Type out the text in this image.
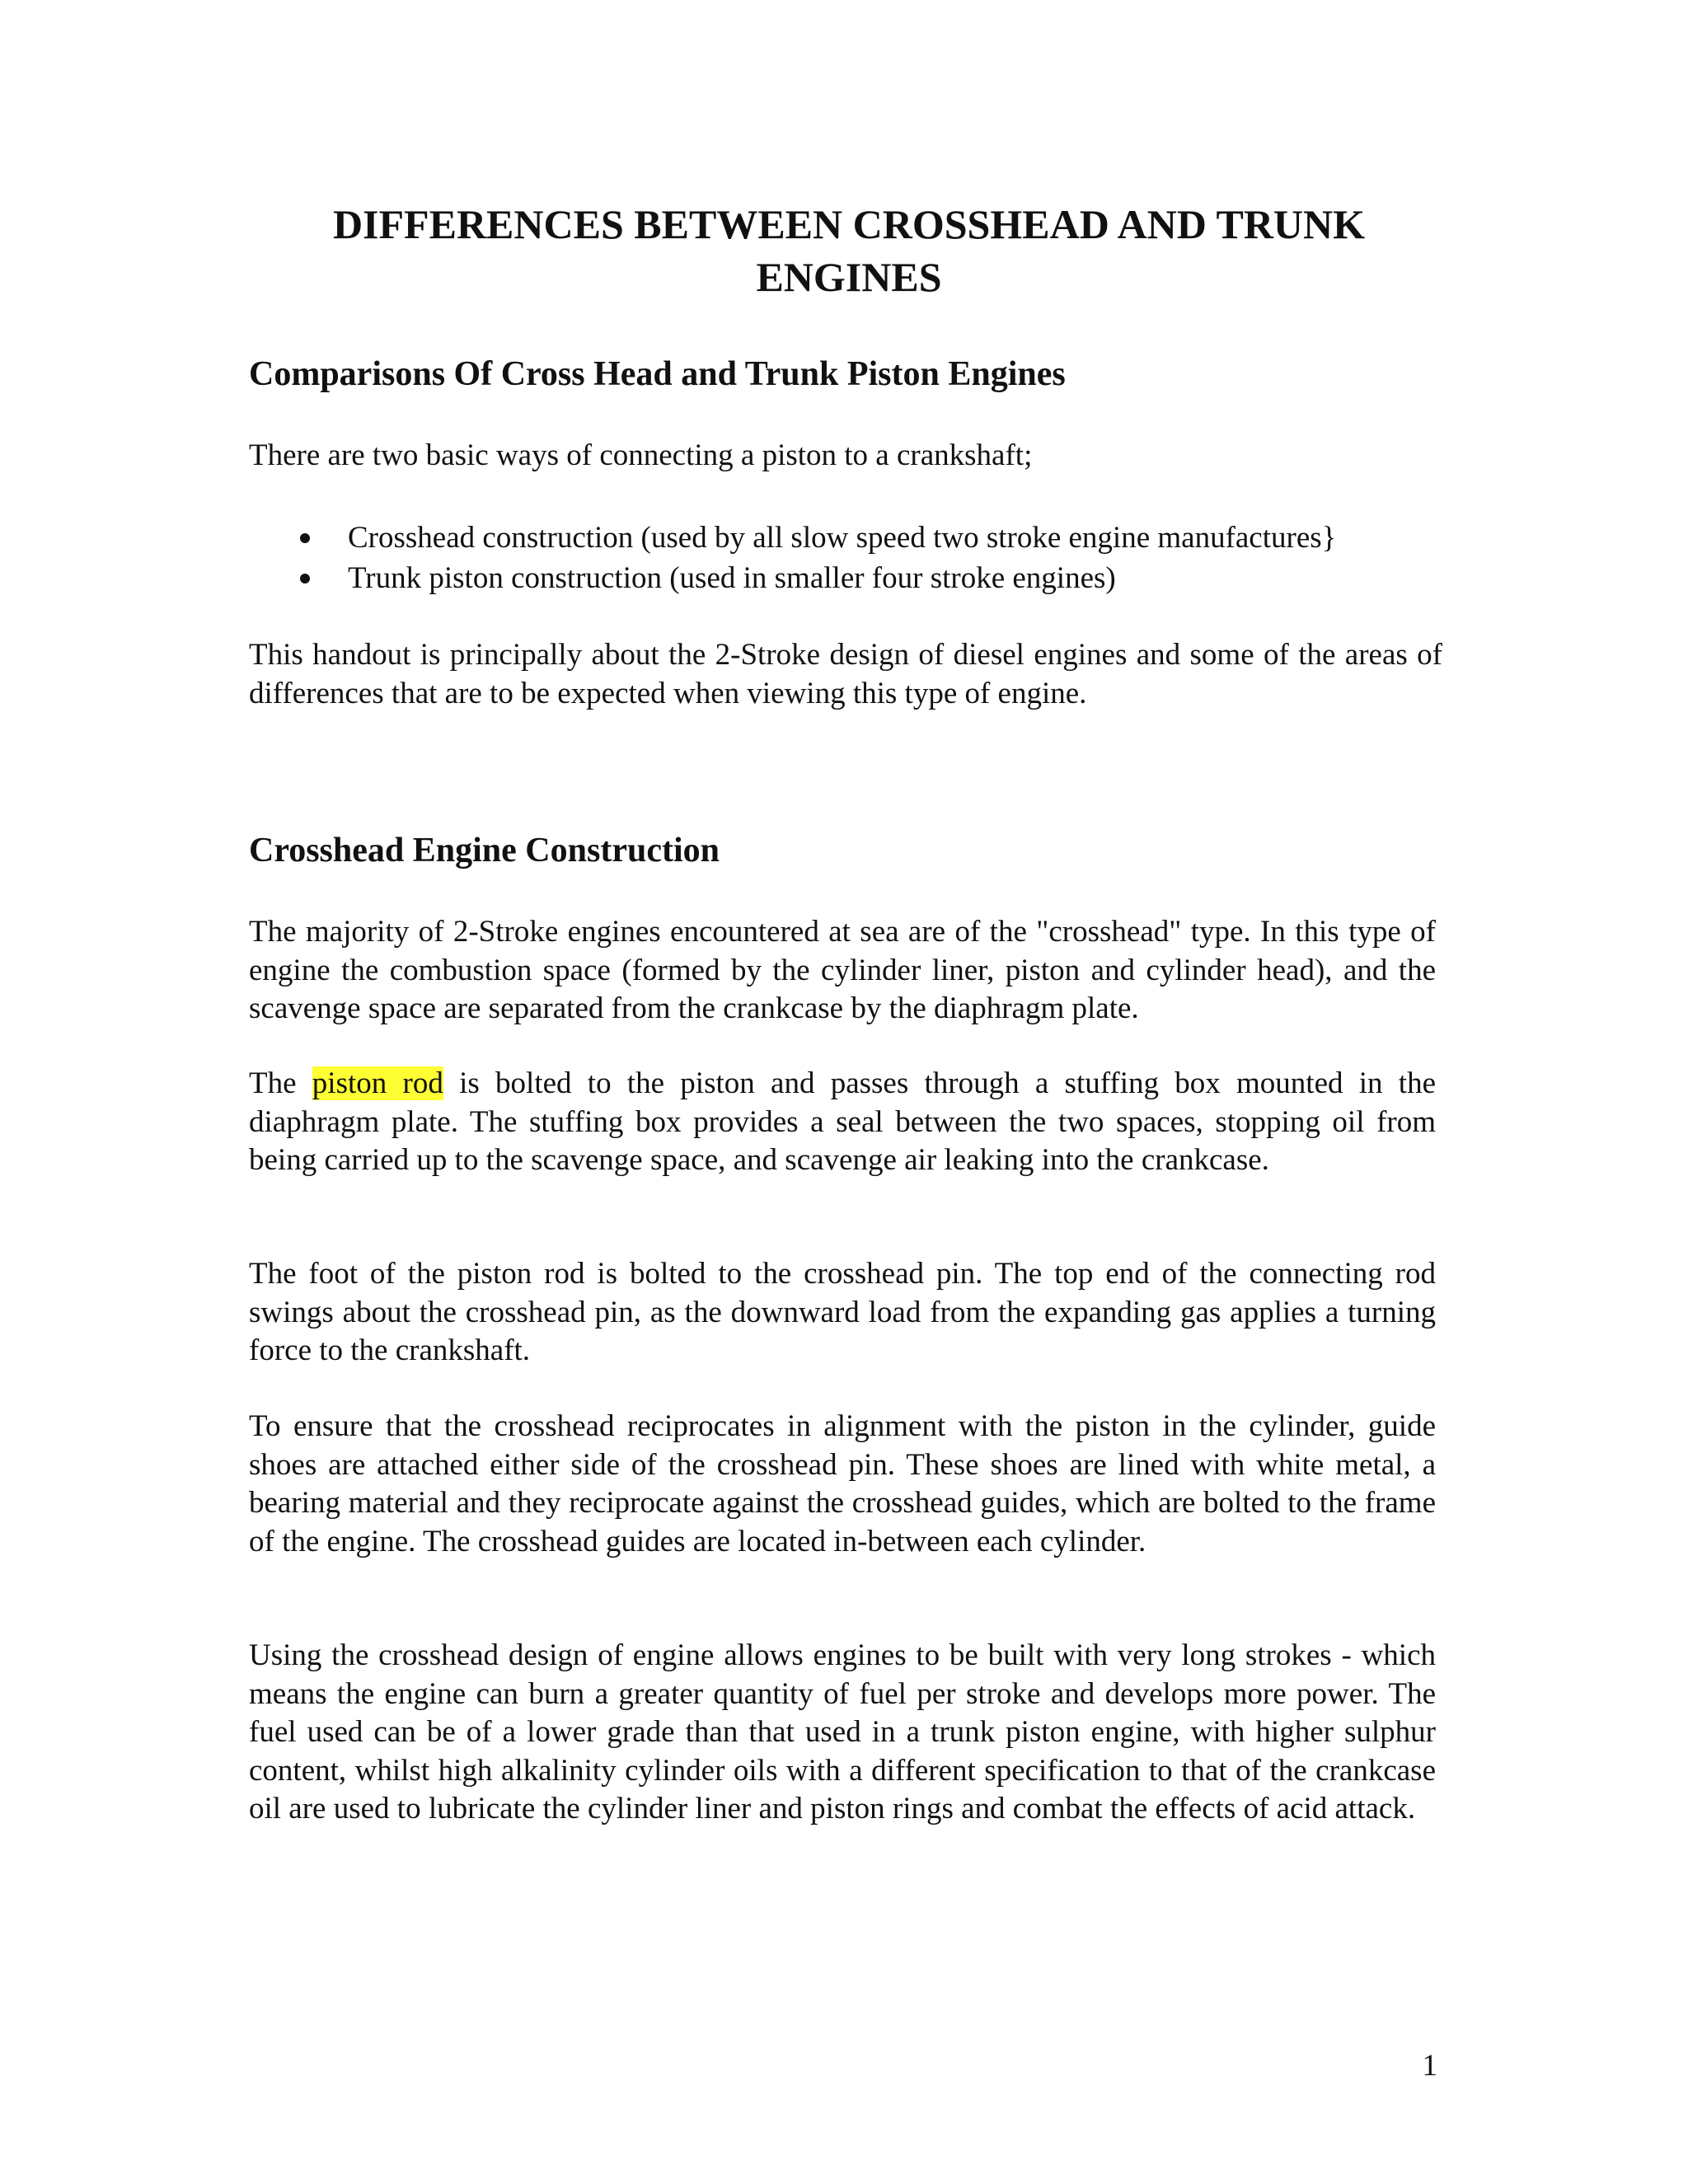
DIFFERENCES BETWEEN CROSSHEAD AND TRUNK ENGINES
Comparisons Of Cross Head and Trunk Piston Engines

There are two basic ways of connecting a piston to a crankshaft;

Crosshead construction (used by all slow speed two stroke engine manufactures}
Trunk piston construction (used in smaller four stroke engines)

This handout is principally about the 2-Stroke design of diesel engines and some of the areas of differences that are to be expected when viewing this type of engine.

Crosshead Engine Construction

The majority of 2-Stroke engines encountered at sea are of the "crosshead" type. In this type of engine the combustion space (formed by the cylinder liner, piston and cylinder head), and the scavenge space are separated from the crankcase by the diaphragm plate.

The piston rod is bolted to the piston and passes through a stuffing box mounted in the diaphragm plate. The stuffing box provides a seal between the two spaces, stopping oil from being carried up to the scavenge space, and scavenge air leaking into the crankcase.

The foot of the piston rod is bolted to the crosshead pin. The top end of the connecting rod swings about the crosshead pin, as the downward load from the expanding gas applies a turning force to the crankshaft.

To ensure that the crosshead reciprocates in alignment with the piston in the cylinder, guide shoes are attached either side of the crosshead pin. These shoes are lined with white metal, a bearing material and they reciprocate against the crosshead guides, which are bolted to the frame of the engine. The crosshead guides are located in-between each cylinder.

Using the crosshead design of engine allows engines to be built with very long strokes - which means the engine can burn a greater quantity of fuel per stroke and develops more power. The fuel used can be of a lower grade than that used in a trunk piston engine, with higher sulphur content, whilst high alkalinity cylinder oils with a different specification to that of the crankcase oil are used to lubricate the cylinder liner and piston rings and combat the effects of acid attack.

1
